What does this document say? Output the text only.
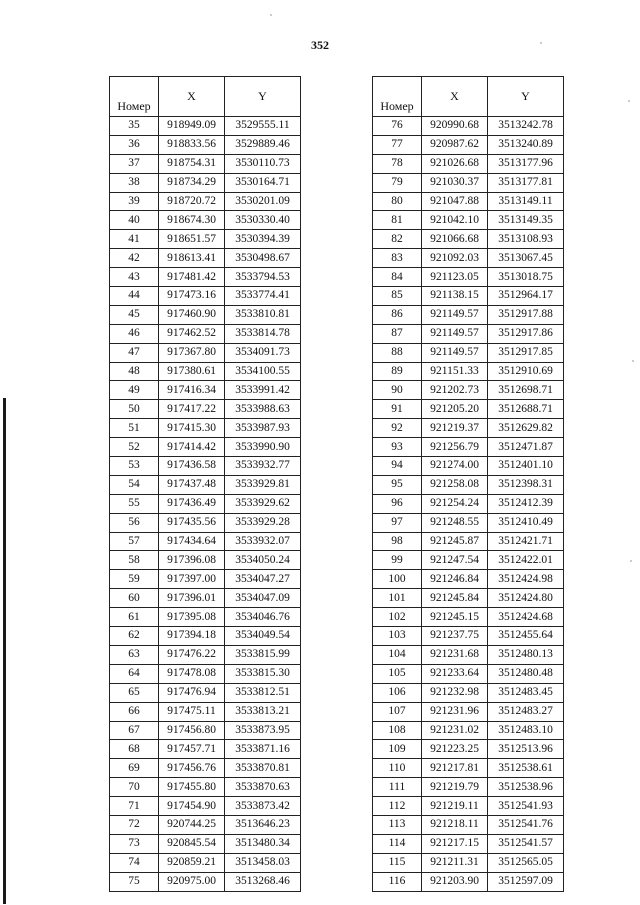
352
Номер	X	Y
35	918949.09	3529555.11
36	918833.56	3529889.46
37	918754.31	3530110.73
38	918734.29	3530164.71
39	918720.72	3530201.09
40	918674.30	3530330.40
41	918651.57	3530394.39
42	918613.41	3530498.67
43	917481.42	3533794.53
44	917473.16	3533774.41
45	917460.90	3533810.81
46	917462.52	3533814.78
47	917367.80	3534091.73
48	917380.61	3534100.55
49	917416.34	3533991.42
50	917417.22	3533988.63
51	917415.30	3533987.93
52	917414.42	3533990.90
53	917436.58	3533932.77
54	917437.48	3533929.81
55	917436.49	3533929.62
56	917435.56	3533929.28
57	917434.64	3533932.07
58	917396.08	3534050.24
59	917397.00	3534047.27
60	917396.01	3534047.09
61	917395.08	3534046.76
62	917394.18	3534049.54
63	917476.22	3533815.99
64	917478.08	3533815.30
65	917476.94	3533812.51
66	917475.11	3533813.21
67	917456.80	3533873.95
68	917457.71	3533871.16
69	917456.76	3533870.81
70	917455.80	3533870.63
71	917454.90	3533873.42
72	920744.25	3513646.23
73	920845.54	3513480.34
74	920859.21	3513458.03
75	920975.00	3513268.46
Номер	X	Y
76	920990.68	3513242.78
77	920987.62	3513240.89
78	921026.68	3513177.96
79	921030.37	3513177.81
80	921047.88	3513149.11
81	921042.10	3513149.35
82	921066.68	3513108.93
83	921092.03	3513067.45
84	921123.05	3513018.75
85	921138.15	3512964.17
86	921149.57	3512917.88
87	921149.57	3512917.86
88	921149.57	3512917.85
89	921151.33	3512910.69
90	921202.73	3512698.71
91	921205.20	3512688.71
92	921219.37	3512629.82
93	921256.79	3512471.87
94	921274.00	3512401.10
95	921258.08	3512398.31
96	921254.24	3512412.39
97	921248.55	3512410.49
98	921245.87	3512421.71
99	921247.54	3512422.01
100	921246.84	3512424.98
101	921245.84	3512424.80
102	921245.15	3512424.68
103	921237.75	3512455.64
104	921231.68	3512480.13
105	921233.64	3512480.48
106	921232.98	3512483.45
107	921231.96	3512483.27
108	921231.02	3512483.10
109	921223.25	3512513.96
110	921217.81	3512538.61
111	921219.79	3512538.96
112	921219.11	3512541.93
113	921218.11	3512541.76
114	921217.15	3512541.57
115	921211.31	3512565.05
116	921203.90	3512597.09
